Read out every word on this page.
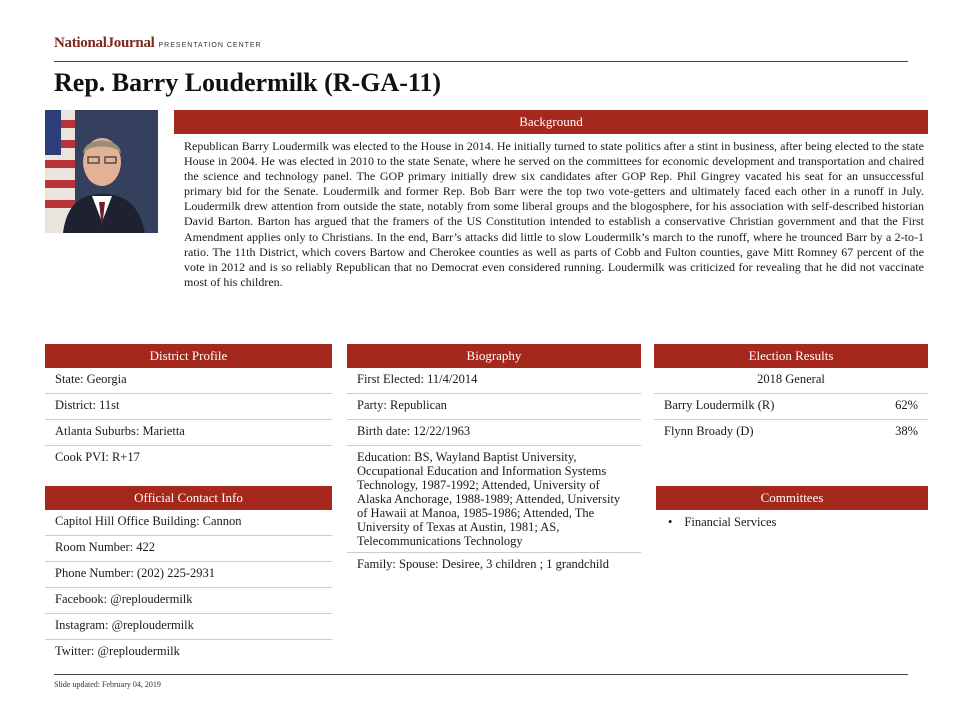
NationalJournal PRESENTATION CENTER
Rep. Barry Loudermilk (R-GA-11)
Background
Republican Barry Loudermilk was elected to the House in 2014. He initially turned to state politics after a stint in business, after being elected to the state House in 2004. He was elected in 2010 to the state Senate, where he served on the committees for economic development and transportation and chaired the science and technology panel. The GOP primary initially drew six candidates after GOP Rep. Phil Gingrey vacated his seat for an unsuccessful primary bid for the Senate. Loudermilk and former Rep. Bob Barr were the top two vote-getters and ultimately faced each other in a runoff in July. Loudermilk drew attention from outside the state, notably from some liberal groups and the blogosphere, for his association with self-described historian David Barton. Barton has argued that the framers of the US Constitution intended to establish a conservative Christian government and that the First Amendment applies only to Christians. In the end, Barr’s attacks did little to slow Loudermilk’s march to the runoff, where he trounced Barr by a 2-to-1 ratio. The 11th District, which covers Bartow and Cherokee counties as well as parts of Cobb and Fulton counties, gave Mitt Romney 67 percent of the vote in 2012 and is so reliably Republican that no Democrat even considered running. Loudermilk was criticized for revealing that he did not vaccinate most of his children.
District Profile
State: Georgia
District: 11st
Atlanta Suburbs: Marietta
Cook PVI: R+17
Official Contact Info
Capitol Hill Office Building: Cannon
Room Number: 422
Phone Number: (202) 225-2931
Facebook: @reploudermilk
Instagram: @reploudermilk
Twitter: @reploudermilk
Biography
First Elected: 11/4/2014
Party: Republican
Birth date: 12/22/1963
Education: BS, Wayland Baptist University, Occupational Education and Information Systems Technology, 1987-1992; Attended, University of Alaska Anchorage, 1988-1989; Attended, University of Hawaii at Manoa, 1985-1986; Attended, The University of Texas at Austin, 1981; AS, Telecommunications Technology
Family: Spouse: Desiree, 3 children ; 1 grandchild
Election Results
2018 General
Barry Loudermilk (R)	62%
Flynn Broady (D)	38%
Committees
• Financial Services
Slide updated: February 04, 2019
